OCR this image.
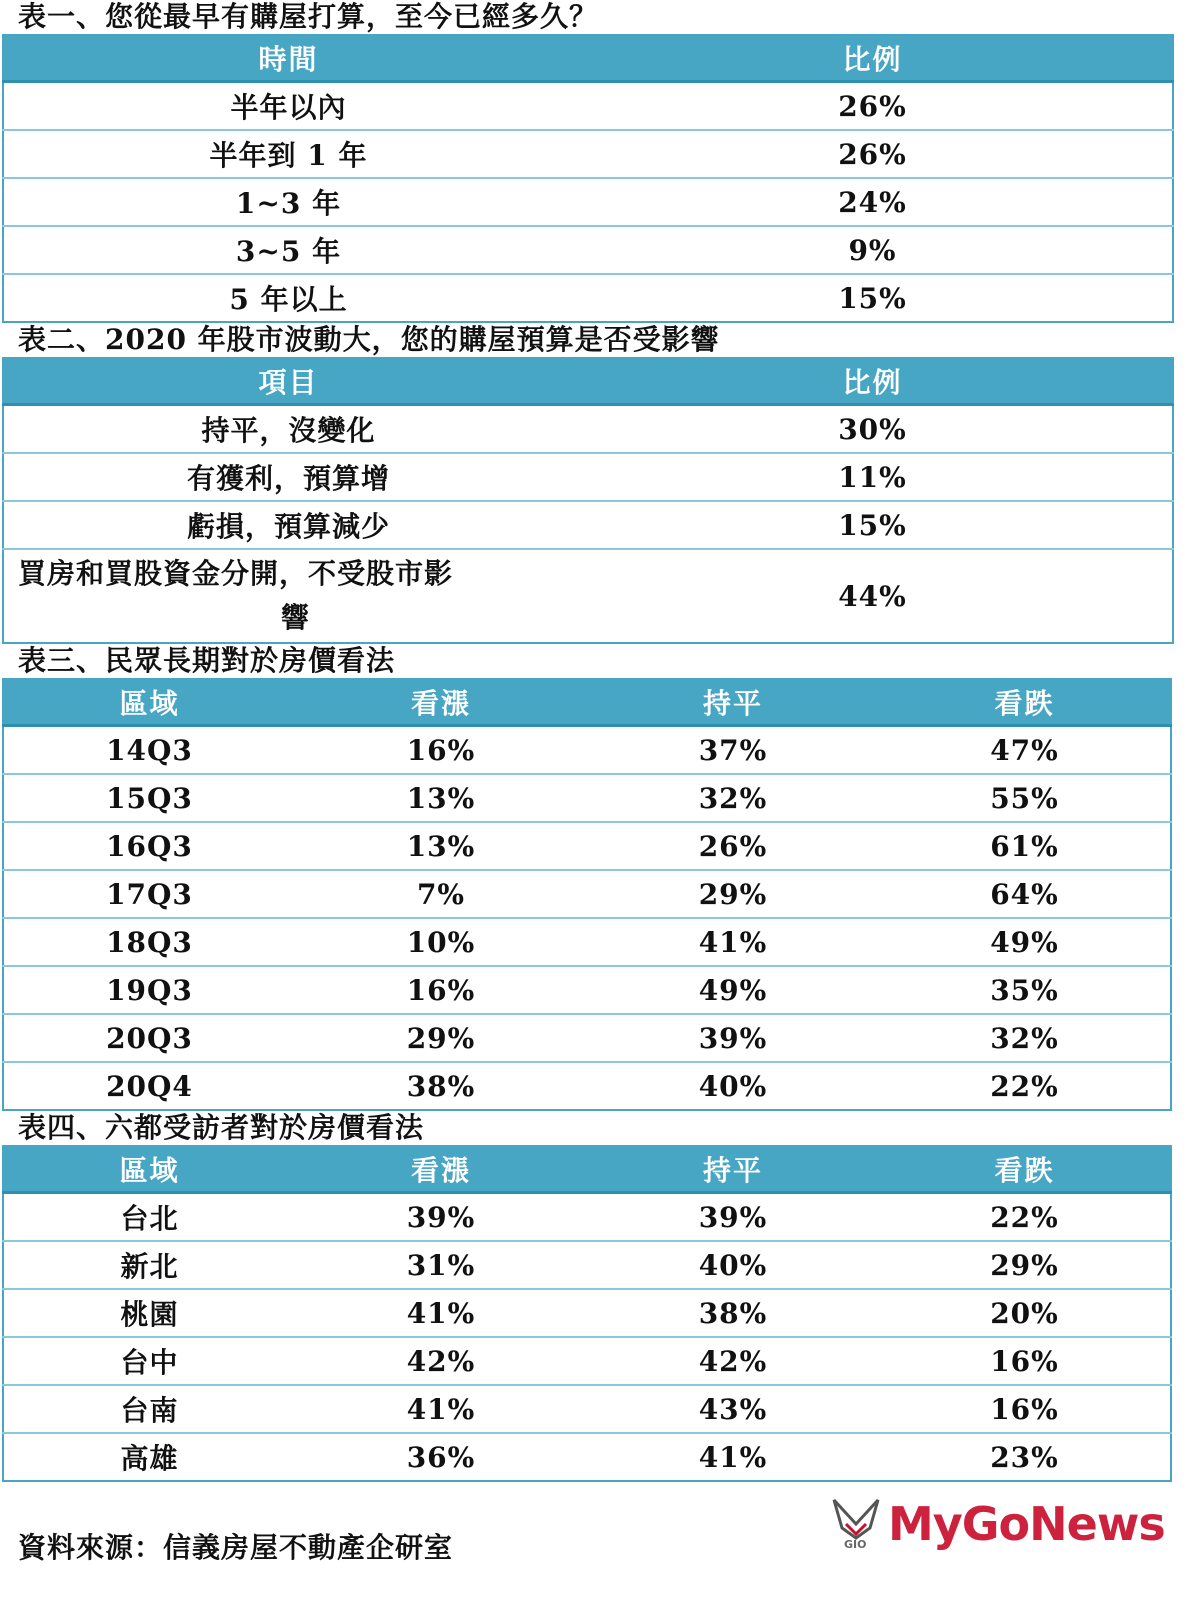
表一、您從最早有購屋打算，至今已經多久？
時間	比例
半年以內	26%
半年到 1 年	26%
1~3 年	24%
3~5 年	9%
5 年以上	15%
表二、2020 年股市波動大，您的購屋預算是否受影響
項目	比例
持平，沒變化	30%
有獲利，預算增	11%
虧損，預算減少	15%
買房和買股資金分開，不受股市影
響	44%
表三、民眾長期對於房價看法
區域	看漲	持平	看跌
14Q3	16%	37%	47%
15Q3	13%	32%	55%
16Q3	13%	26%	61%
17Q3	7%	29%	64%
18Q3	10%	41%	49%
19Q3	16%	49%	35%
20Q3	29%	39%	32%
20Q4	38%	40%	22%
表四、六都受訪者對於房價看法
區域	看漲	持平	看跌
台北	39%	39%	22%
新北	31%	40%	29%
桃園	41%	38%	20%
台中	42%	42%	16%
台南	41%	43%	16%
高雄	36%	41%	23%
資料來源：信義房屋不動產企研室	GIO MyGoNews
